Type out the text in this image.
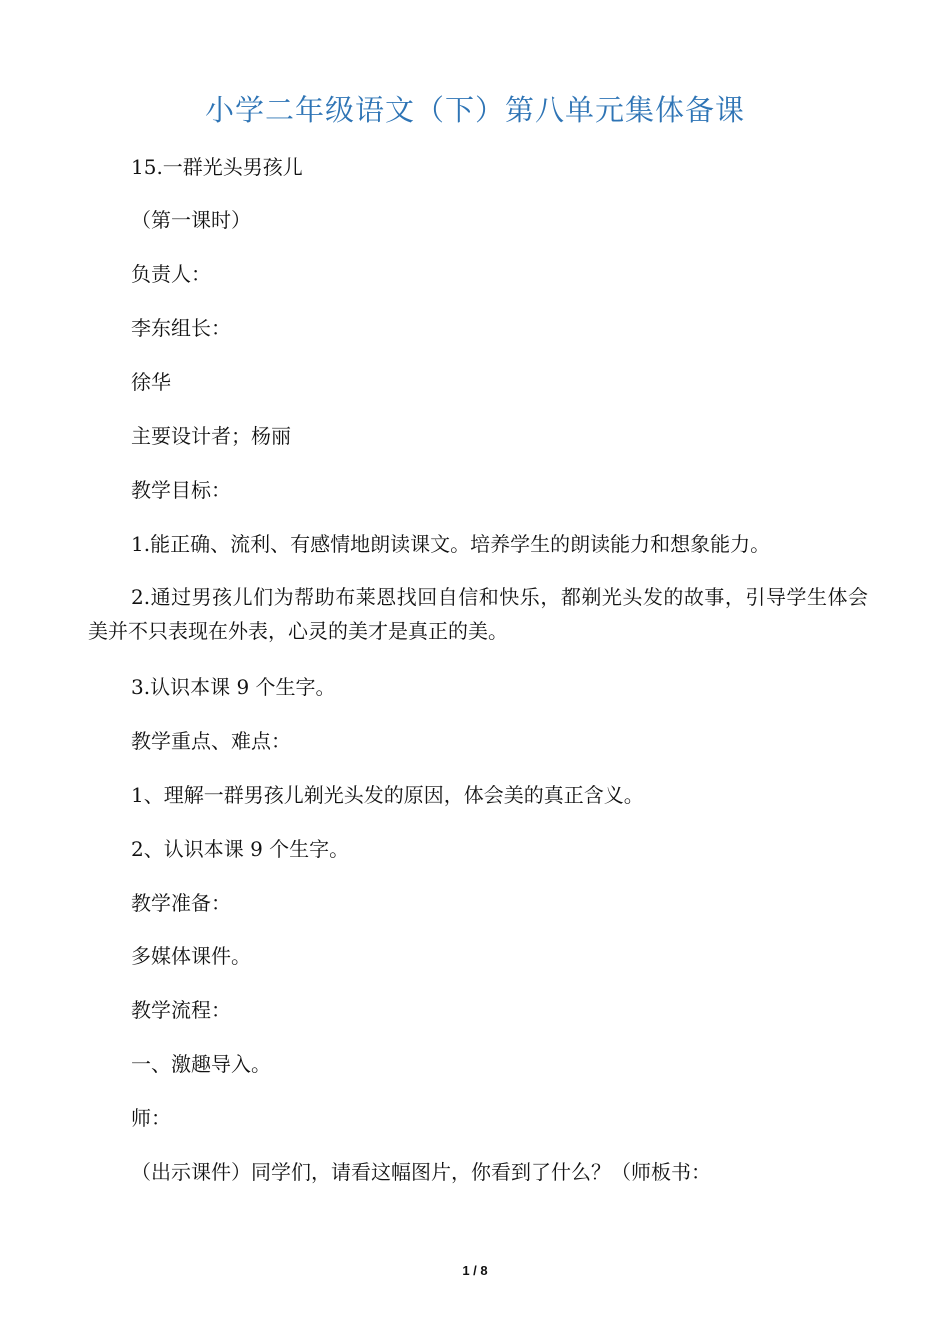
小学二年级语文（下）第八单元集体备课
15.一群光头男孩儿
（第一课时）
负责人：
李东组长：
徐华
主要设计者；杨丽
教学目标：
1.能正确、流利、有感情地朗读课文。培养学生的朗读能力和想象能力。
2.通过男孩儿们为帮助布莱恩找回自信和快乐，都剃光头发的故事，引导学生体会美并不只表现在外表，心灵的美才是真正的美。
3.认识本课 9 个生字。
教学重点、难点：
1、理解一群男孩儿剃光头发的原因，体会美的真正含义。
2、认识本课 9 个生字。
教学准备：
多媒体课件。
教学流程：
一、激趣导入。
师：
（出示课件）同学们，请看这幅图片，你看到了什么？（师板书：
1 / 8
